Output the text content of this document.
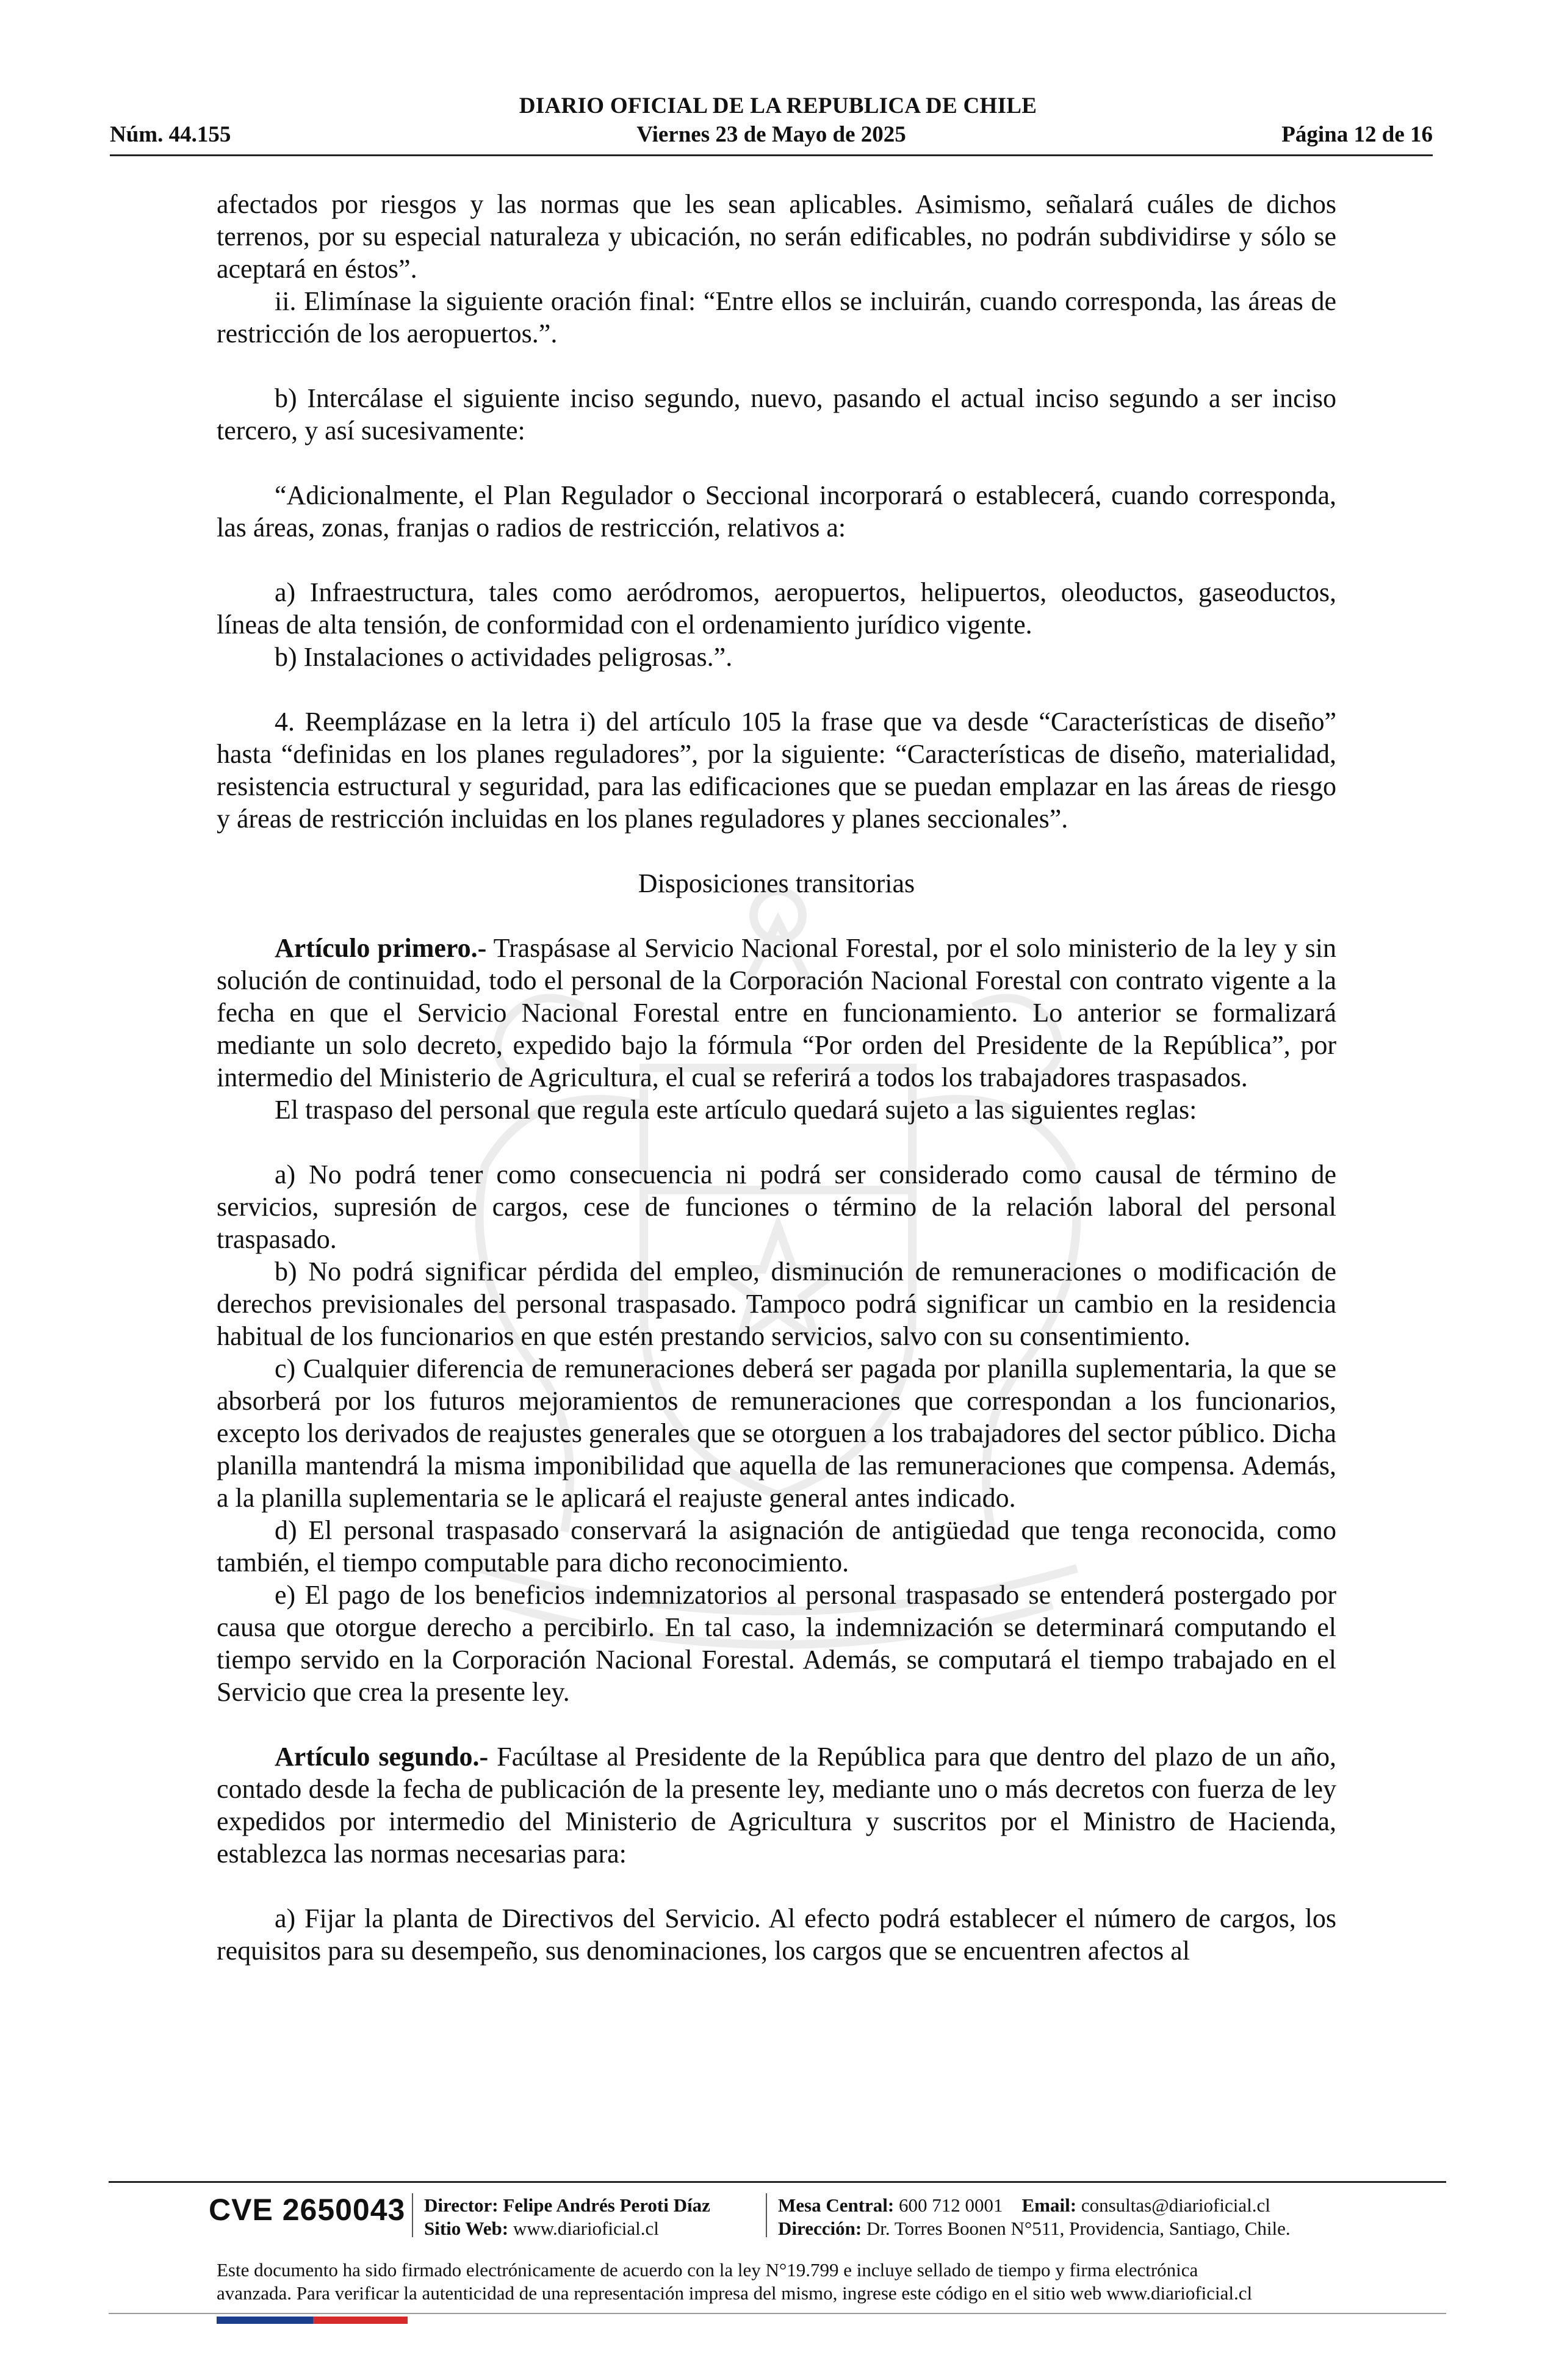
DIARIO OFICIAL DE LA REPUBLICA DE CHILE
Viernes 23 de Mayo de 2025
Núm. 44.155	Página 12 de 16

afectados por riesgos y las normas que les sean aplicables. Asimismo, señalará cuáles de dichos terrenos, por su especial naturaleza y ubicación, no serán edificables, no podrán subdividirse y sólo se aceptará en éstos”.

ii. Elimínase la siguiente oración final: “Entre ellos se incluirán, cuando corresponda, las áreas de restricción de los aeropuertos.”.

b) Intercálase el siguiente inciso segundo, nuevo, pasando el actual inciso segundo a ser inciso tercero, y así sucesivamente:

“Adicionalmente, el Plan Regulador o Seccional incorporará o establecerá, cuando corresponda, las áreas, zonas, franjas o radios de restricción, relativos a:

a) Infraestructura, tales como aeródromos, aeropuertos, helipuertos, oleoductos, gaseoductos, líneas de alta tensión, de conformidad con el ordenamiento jurídico vigente.

b) Instalaciones o actividades peligrosas.”.

4. Reemplázase en la letra i) del artículo 105 la frase que va desde “Características de diseño” hasta “definidas en los planes reguladores”, por la siguiente: “Características de diseño, materialidad, resistencia estructural y seguridad, para las edificaciones que se puedan emplazar en las áreas de riesgo y áreas de restricción incluidas en los planes reguladores y planes seccionales”.

Disposiciones transitorias

Artículo primero.- Traspásase al Servicio Nacional Forestal, por el solo ministerio de la ley y sin solución de continuidad, todo el personal de la Corporación Nacional Forestal con contrato vigente a la fecha en que el Servicio Nacional Forestal entre en funcionamiento. Lo anterior se formalizará mediante un solo decreto, expedido bajo la fórmula “Por orden del Presidente de la República”, por intermedio del Ministerio de Agricultura, el cual se referirá a todos los trabajadores traspasados.

El traspaso del personal que regula este artículo quedará sujeto a las siguientes reglas:

a) No podrá tener como consecuencia ni podrá ser considerado como causal de término de servicios, supresión de cargos, cese de funciones o término de la relación laboral del personal traspasado.

b) No podrá significar pérdida del empleo, disminución de remuneraciones o modificación de derechos previsionales del personal traspasado. Tampoco podrá significar un cambio en la residencia habitual de los funcionarios en que estén prestando servicios, salvo con su consentimiento.

c) Cualquier diferencia de remuneraciones deberá ser pagada por planilla suplementaria, la que se absorberá por los futuros mejoramientos de remuneraciones que correspondan a los funcionarios, excepto los derivados de reajustes generales que se otorguen a los trabajadores del sector público. Dicha planilla mantendrá la misma imponibilidad que aquella de las remuneraciones que compensa. Además, a la planilla suplementaria se le aplicará el reajuste general antes indicado.

d) El personal traspasado conservará la asignación de antigüedad que tenga reconocida, como también, el tiempo computable para dicho reconocimiento.

e) El pago de los beneficios indemnizatorios al personal traspasado se entenderá postergado por causa que otorgue derecho a percibirlo. En tal caso, la indemnización se determinará computando el tiempo servido en la Corporación Nacional Forestal. Además, se computará el tiempo trabajado en el Servicio que crea la presente ley.

Artículo segundo.- Facúltase al Presidente de la República para que dentro del plazo de un año, contado desde la fecha de publicación de la presente ley, mediante uno o más decretos con fuerza de ley expedidos por intermedio del Ministerio de Agricultura y suscritos por el Ministro de Hacienda, establezca las normas necesarias para:

a) Fijar la planta de Directivos del Servicio. Al efecto podrá establecer el número de cargos, los requisitos para su desempeño, sus denominaciones, los cargos que se encuentren afectos al

CVE 2650043 Director: Felipe Andrés Peroti Díaz
Sitio Web: www.diarioficial.cl
Mesa Central: 600 712 0001 Email: consultas@diarioficial.cl
Dirección: Dr. Torres Boonen N°511, Providencia, Santiago, Chile.
Este documento ha sido firmado electrónicamente de acuerdo con la ley N°19.799 e incluye sellado de tiempo y firma electrónica
avanzada. Para verificar la autenticidad de una representación impresa del mismo, ingrese este código en el sitio web www.diarioficial.cl
